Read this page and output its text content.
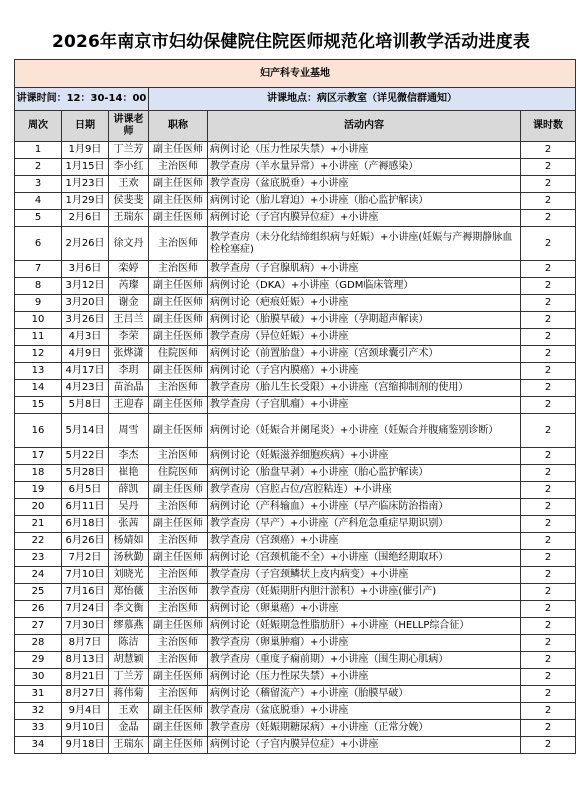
2026年南京市妇幼保健院住院医师规范化培训教学活动进度表
妇产科专业基地					
讲课时间：12：30-14：00			讲课地点：病区示教室（详见微信群通知）		
周次	日期	讲课老师	职称	活动内容	课时数
1	1月9日	丁兰芳	副主任医师	病例讨论（压力性尿失禁）+小讲座	2
2	1月15日	李小红	主治医师	教学查房（羊水量异常）+小讲座（产褥感染）	2
3	1月23日	王欢	副主任医师	教学查房（盆底脱垂）+小讲座	2
4	1月29日	侯斐斐	副主任医师	病例讨论（胎儿窘迫）+小讲座（胎心监护解读）	2
5	2月6日	王瑞东	副主任医师	病例讨论（子宫内膜异位症）+小讲座	2
6	2月26日	徐文丹	主治医师	教学查房（未分化结缔组织病与妊娠）+小讲座(妊娠与产褥期静脉血栓栓塞症)	2
7	3月6日	栾婷	主治医师	教学查房（子宫腺肌病）+小讲座	2
8	3月12日	芮璨	副主任医师	病例讨论（DKA）+小讲座（GDM临床管理）	2
9	3月20日	谢金	副主任医师	病例讨论（疤痕妊娠）+小讲座	2
10	3月26日	王吕兰	副主任医师	病例讨论（胎膜早破）+小讲座（孕期超声解读）	2
11	4月3日	李荣	副主任医师	教学查房（异位妊娠）+小讲座	2
12	4月9日	张烨潇	住院医师	病例讨论（前置胎盘）+小讲座（宫颈球囊引产术）	2
13	4月17日	李玥	副主任医师	病例讨论（子宫内膜癌）+小讲座	2
14	4月23日	苗治晶	主治医师	教学查房（胎儿生长受限）+小讲座（宫缩抑制剂的使用）	2
15	5月8日	王迎春	副主任医师	教学查房（子宫肌瘤）+小讲座	2
16	5月14日	周雪	副主任医师	病例讨论（妊娠合并阑尾炎）+小讲座（妊娠合并腹痛鉴别诊断）	2
17	5月22日	李杰	主治医师	病例讨论（妊娠滋养细胞疾病）+小讲座	2
18	5月28日	崔艳	住院医师	病例讨论（胎盘早剥）+小讲座（胎心监护解读）	2
19	6月5日	薛凯	副主任医师	教学查房（宫腔占位/宫腔粘连）+小讲座	2
20	6月11日	吴丹	主治医师	病例讨论（产科输血）+小讲座（早产临床防治指南）	2
21	6月18日	张茜	副主任医师	教学查房（早产）+小讲座（产科危急重症早期识别）	2
22	6月26日	杨婧如	主治医师	教学查房（宫颈癌）+小讲座	2
23	7月2日	汤秋勤	副主任医师	病例讨论（宫颈机能不全）+小讲座（围绝经期取环）	2
24	7月10日	刘晓光	主治医师	教学查房（子宫颈鳞状上皮内病变）+小讲座	2
25	7月16日	郑怡薇	主治医师	教学查房（妊娠期肝内胆汁淤积）+小讲座(催引产)	2
26	7月24日	李文衡	主治医师	病例讨论（卵巢癌）+小讲座	2
27	7月30日	缪慕燕	副主任医师	病例讨论（妊娠期急性脂肪肝）+小讲座（HELLP综合征）	2
28	8月7日	陈洁	主治医师	教学查房（卵巢肿瘤）+小讲座	2
29	8月13日	胡慧颖	主治医师	教学查房（重度子痫前期）+小讲座（围生期心肌病）	2
30	8月21日	丁兰芳	副主任医师	病例讨论（压力性尿失禁）+小讲座	2
31	8月27日	蒋伟菊	主治医师	病例讨论（稽留流产）+小讲座（胎膜早破）	2
32	9月4日	王欢	副主任医师	教学查房（盆底脱垂）+小讲座	2
33	9月10日	金晶	副主任医师	教学查房（妊娠期糖尿病）+小讲座（正常分娩）	2
34	9月18日	王瑞东	副主任医师	病例讨论（子宫内膜异位症）+小讲座	2
